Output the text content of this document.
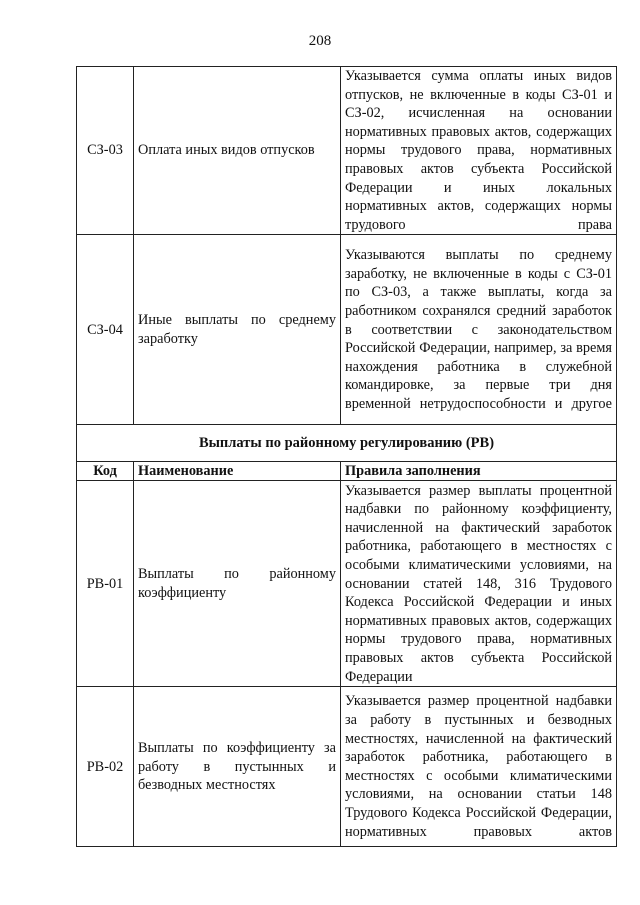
208
СЗ-03	Оплата иных видов отпусков	Указывается сумма оплаты иных видов отпусков, не включенные в коды СЗ-01 и СЗ-02, исчисленная на основании нормативных правовых актов, содержащих нормы трудового права, нормативных правовых актов субъекта Российской Федерации и иных локальных нормативных актов, содержащих нормы трудового права

СЗ-04	Иные выплаты по среднему заработку	Указываются выплаты по среднему заработку, не включенные в коды с СЗ-01 по СЗ-03, а также выплаты, когда за работником сохранялся средний заработок в соответствии с законодательством Российской Федерации, например, за время нахождения работника в служебной командировке, за первые три дня временной нетрудоспособности и другое

Выплаты по районному регулированию (РВ)		
Код	Наименование	Правила заполнения
РВ-01	Выплаты по районному коэффициенту	Указывается размер выплаты процентной надбавки по районному коэффициенту, начисленной на фактический заработок работника, работающего в местностях с особыми климатическими условиями, на основании статей 148, 316 Трудового Кодекса Российской Федерации и иных нормативных правовых актов, содержащих нормы трудового права, нормативных правовых актов субъекта Российской Федерации

РВ-02	Выплаты по коэффициенту за работу в пустынных и безводных местностях	Указывается размер процентной надбавки за работу в пустынных и безводных местностях, начисленной на фактический заработок работника, работающего в местностях с особыми климатическими условиями, на основании статьи 148 Трудового Кодекса Российской Федерации, нормативных правовых актов
